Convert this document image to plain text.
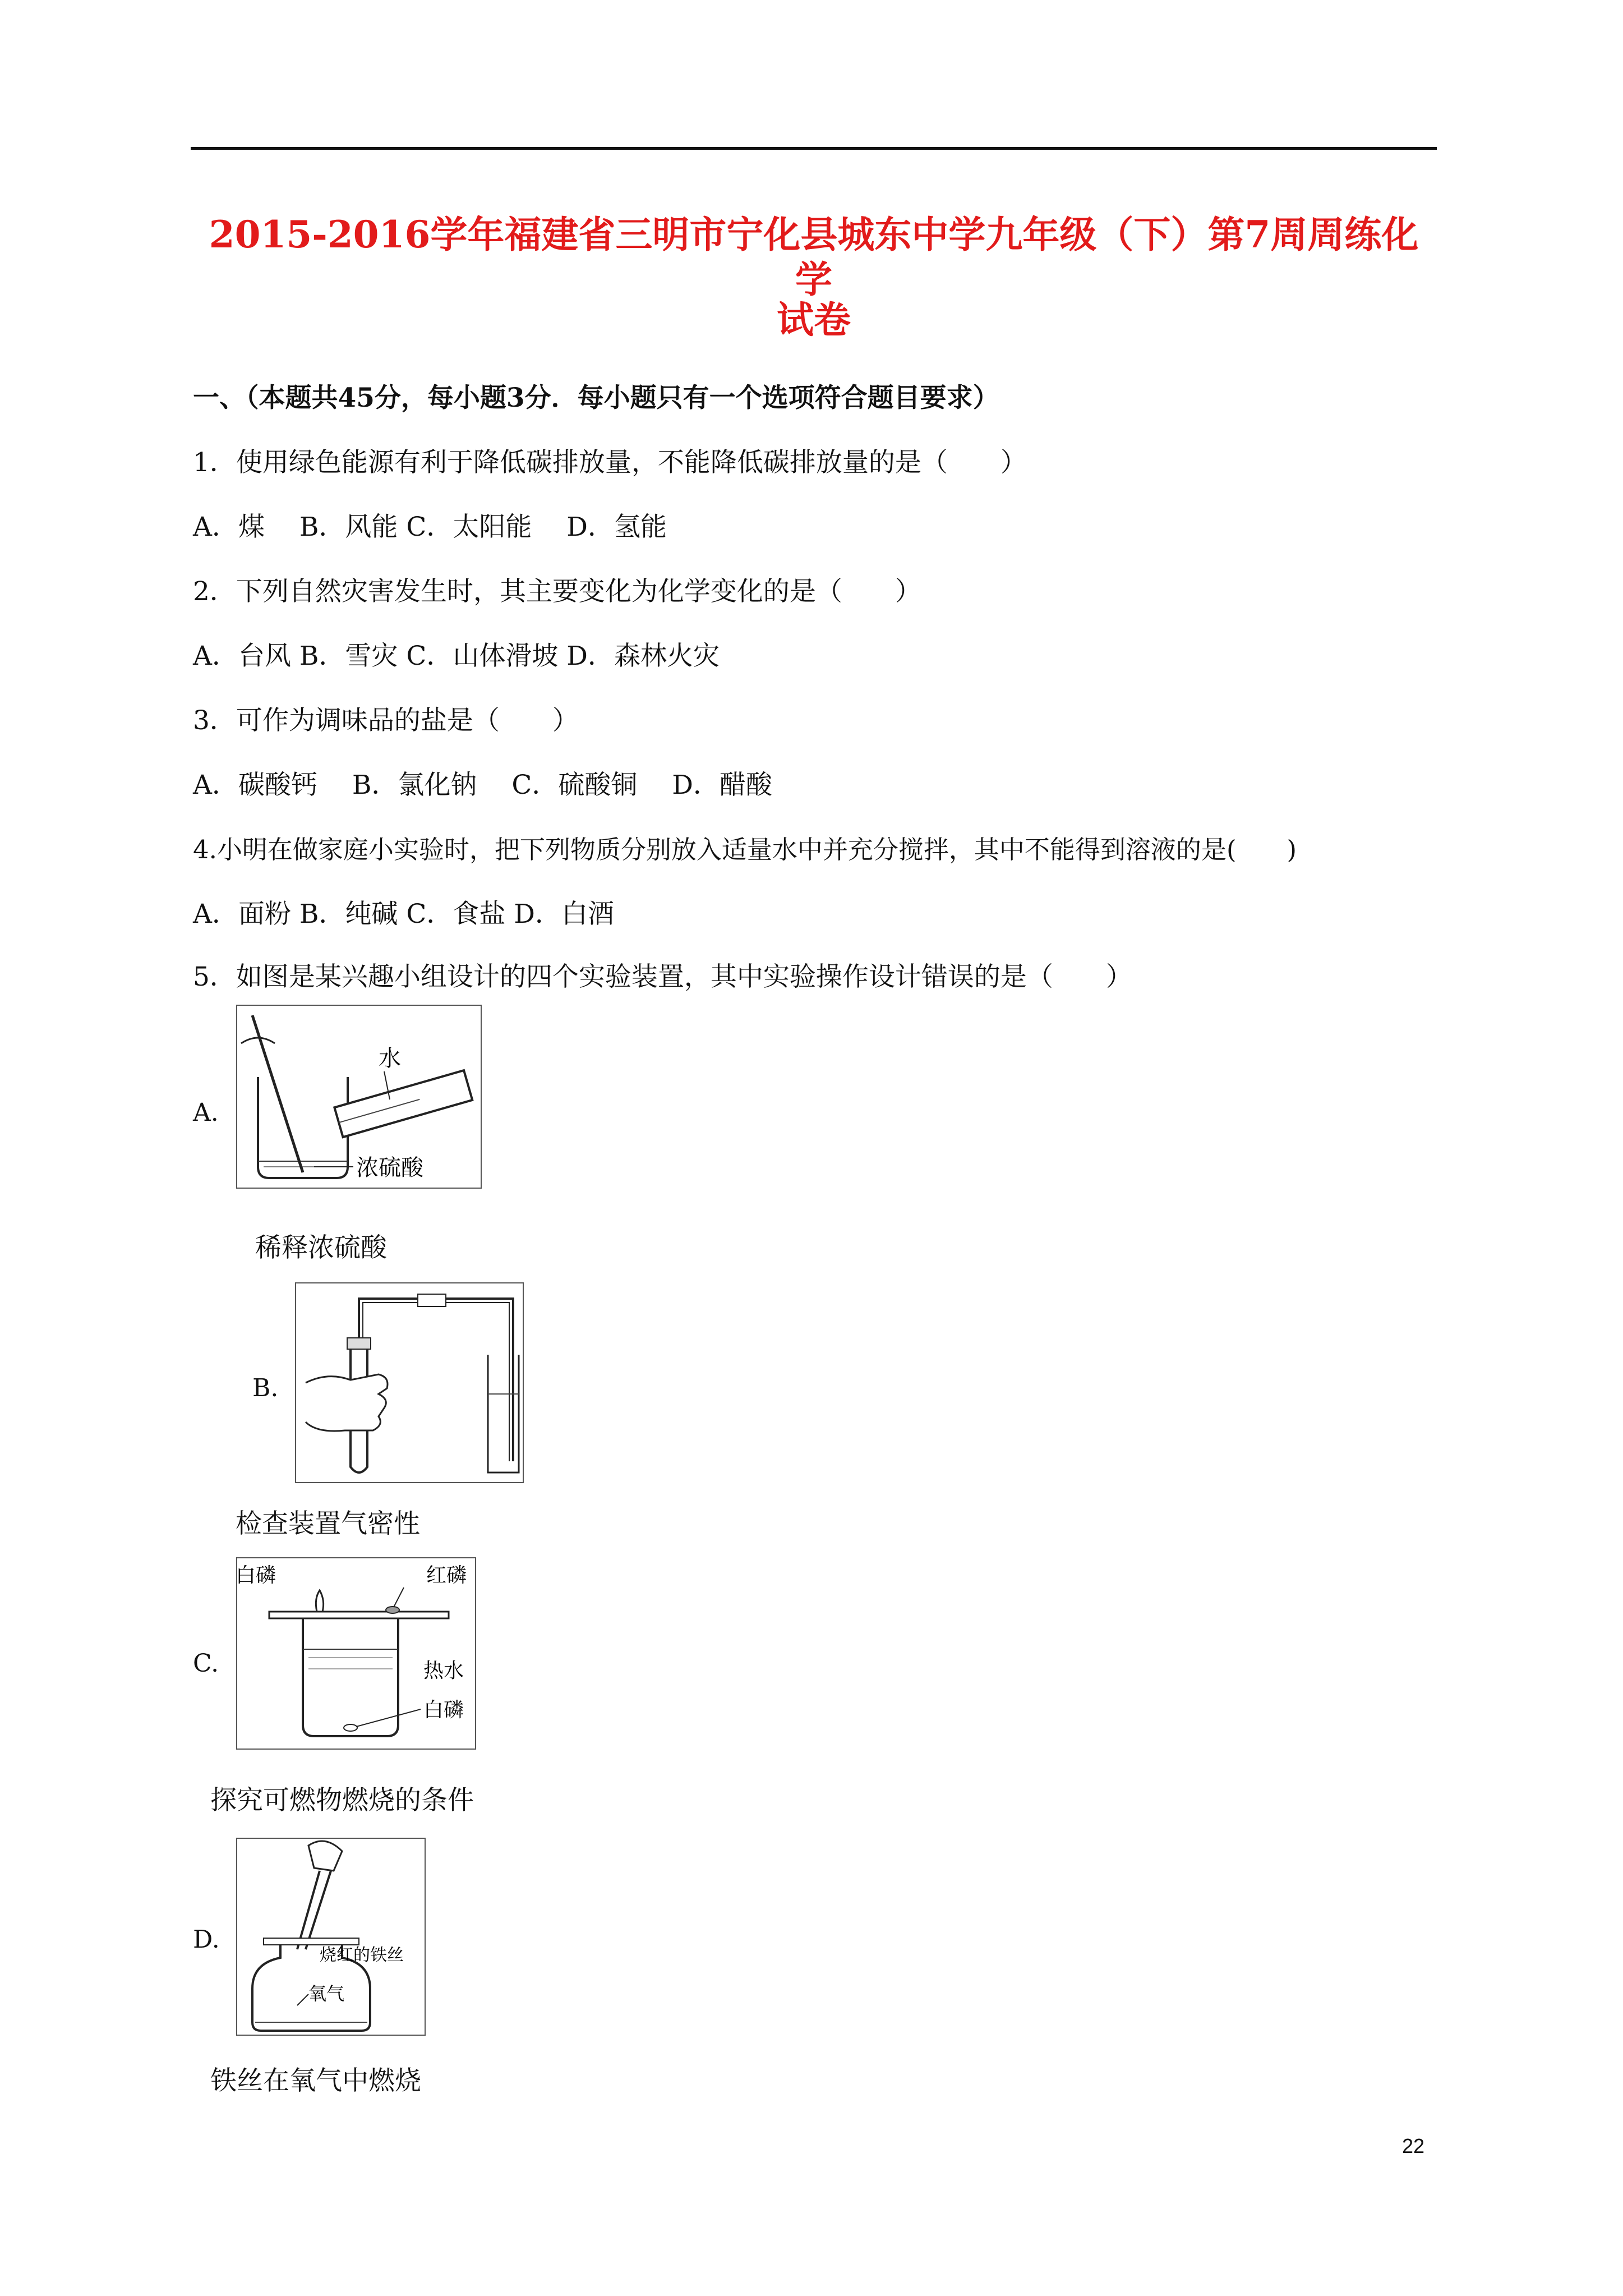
2015-2016学年福建省三明市宁化县城东中学九年级（下）第7周周练化学
试卷
一、（本题共45分，每小题3分．每小题只有一个选项符合题目要求）
1．使用绿色能源有利于降低碳排放量，不能降低碳排放量的是（　　）
A．煤　 B．风能 C．太阳能　 D．氢能
2．下列自然灾害发生时，其主要变化为化学变化的是（　　）
A．台风 B．雪灾 C．山体滑坡 D．森林火灾
3．可作为调味品的盐是（　　）
A．碳酸钙　 B．氯化钠　 C．硫酸铜　 D．醋酸
4.小明在做家庭小实验时，把下列物质分别放入适量水中并充分搅拌，其中不能得到溶液的是(　　)
A．面粉 B．纯碱 C．食盐 D．白酒
5．如图是某兴趣小组设计的四个实验装置，其中实验操作设计错误的是（　　）
A.
水
浓硫酸
稀释浓硫酸
B.
检查装置气密性
C.
白磷	红磷
热水
白磷
探究可燃物燃烧的条件
D.
烧红的铁丝
氧气
铁丝在氧气中燃烧
22
